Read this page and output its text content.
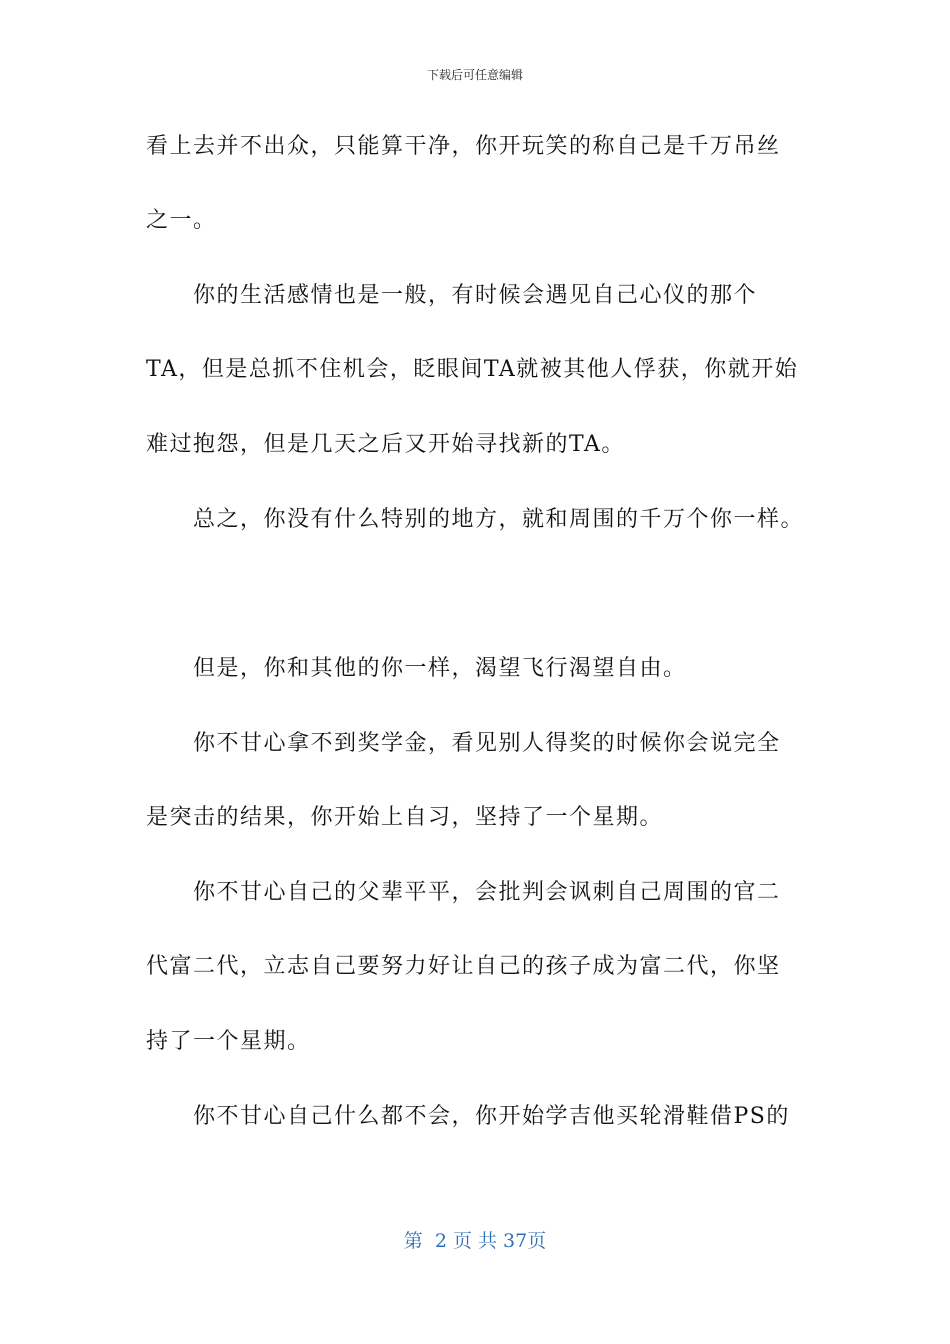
下载后可任意编辑
看上去并不出众，只能算干净，你开玩笑的称自己是千万吊丝
之一。
你的生活感情也是一般，有时候会遇见自己心仪的那个
TA，但是总抓不住机会，眨眼间TA就被其他人俘获，你就开始
难过抱怨，但是几天之后又开始寻找新的TA。
总之，你没有什么特别的地方，就和周围的千万个你一样。
但是，你和其他的你一样，渴望飞行渴望自由。
你不甘心拿不到奖学金，看见别人得奖的时候你会说完全
是突击的结果，你开始上自习，坚持了一个星期。
你不甘心自己的父辈平平，会批判会讽刺自己周围的官二
代富二代，立志自己要努力好让自己的孩子成为富二代，你坚
持了一个星期。
你不甘心自己什么都不会，你开始学吉他买轮滑鞋借PS的
第  2 页 共 37页
